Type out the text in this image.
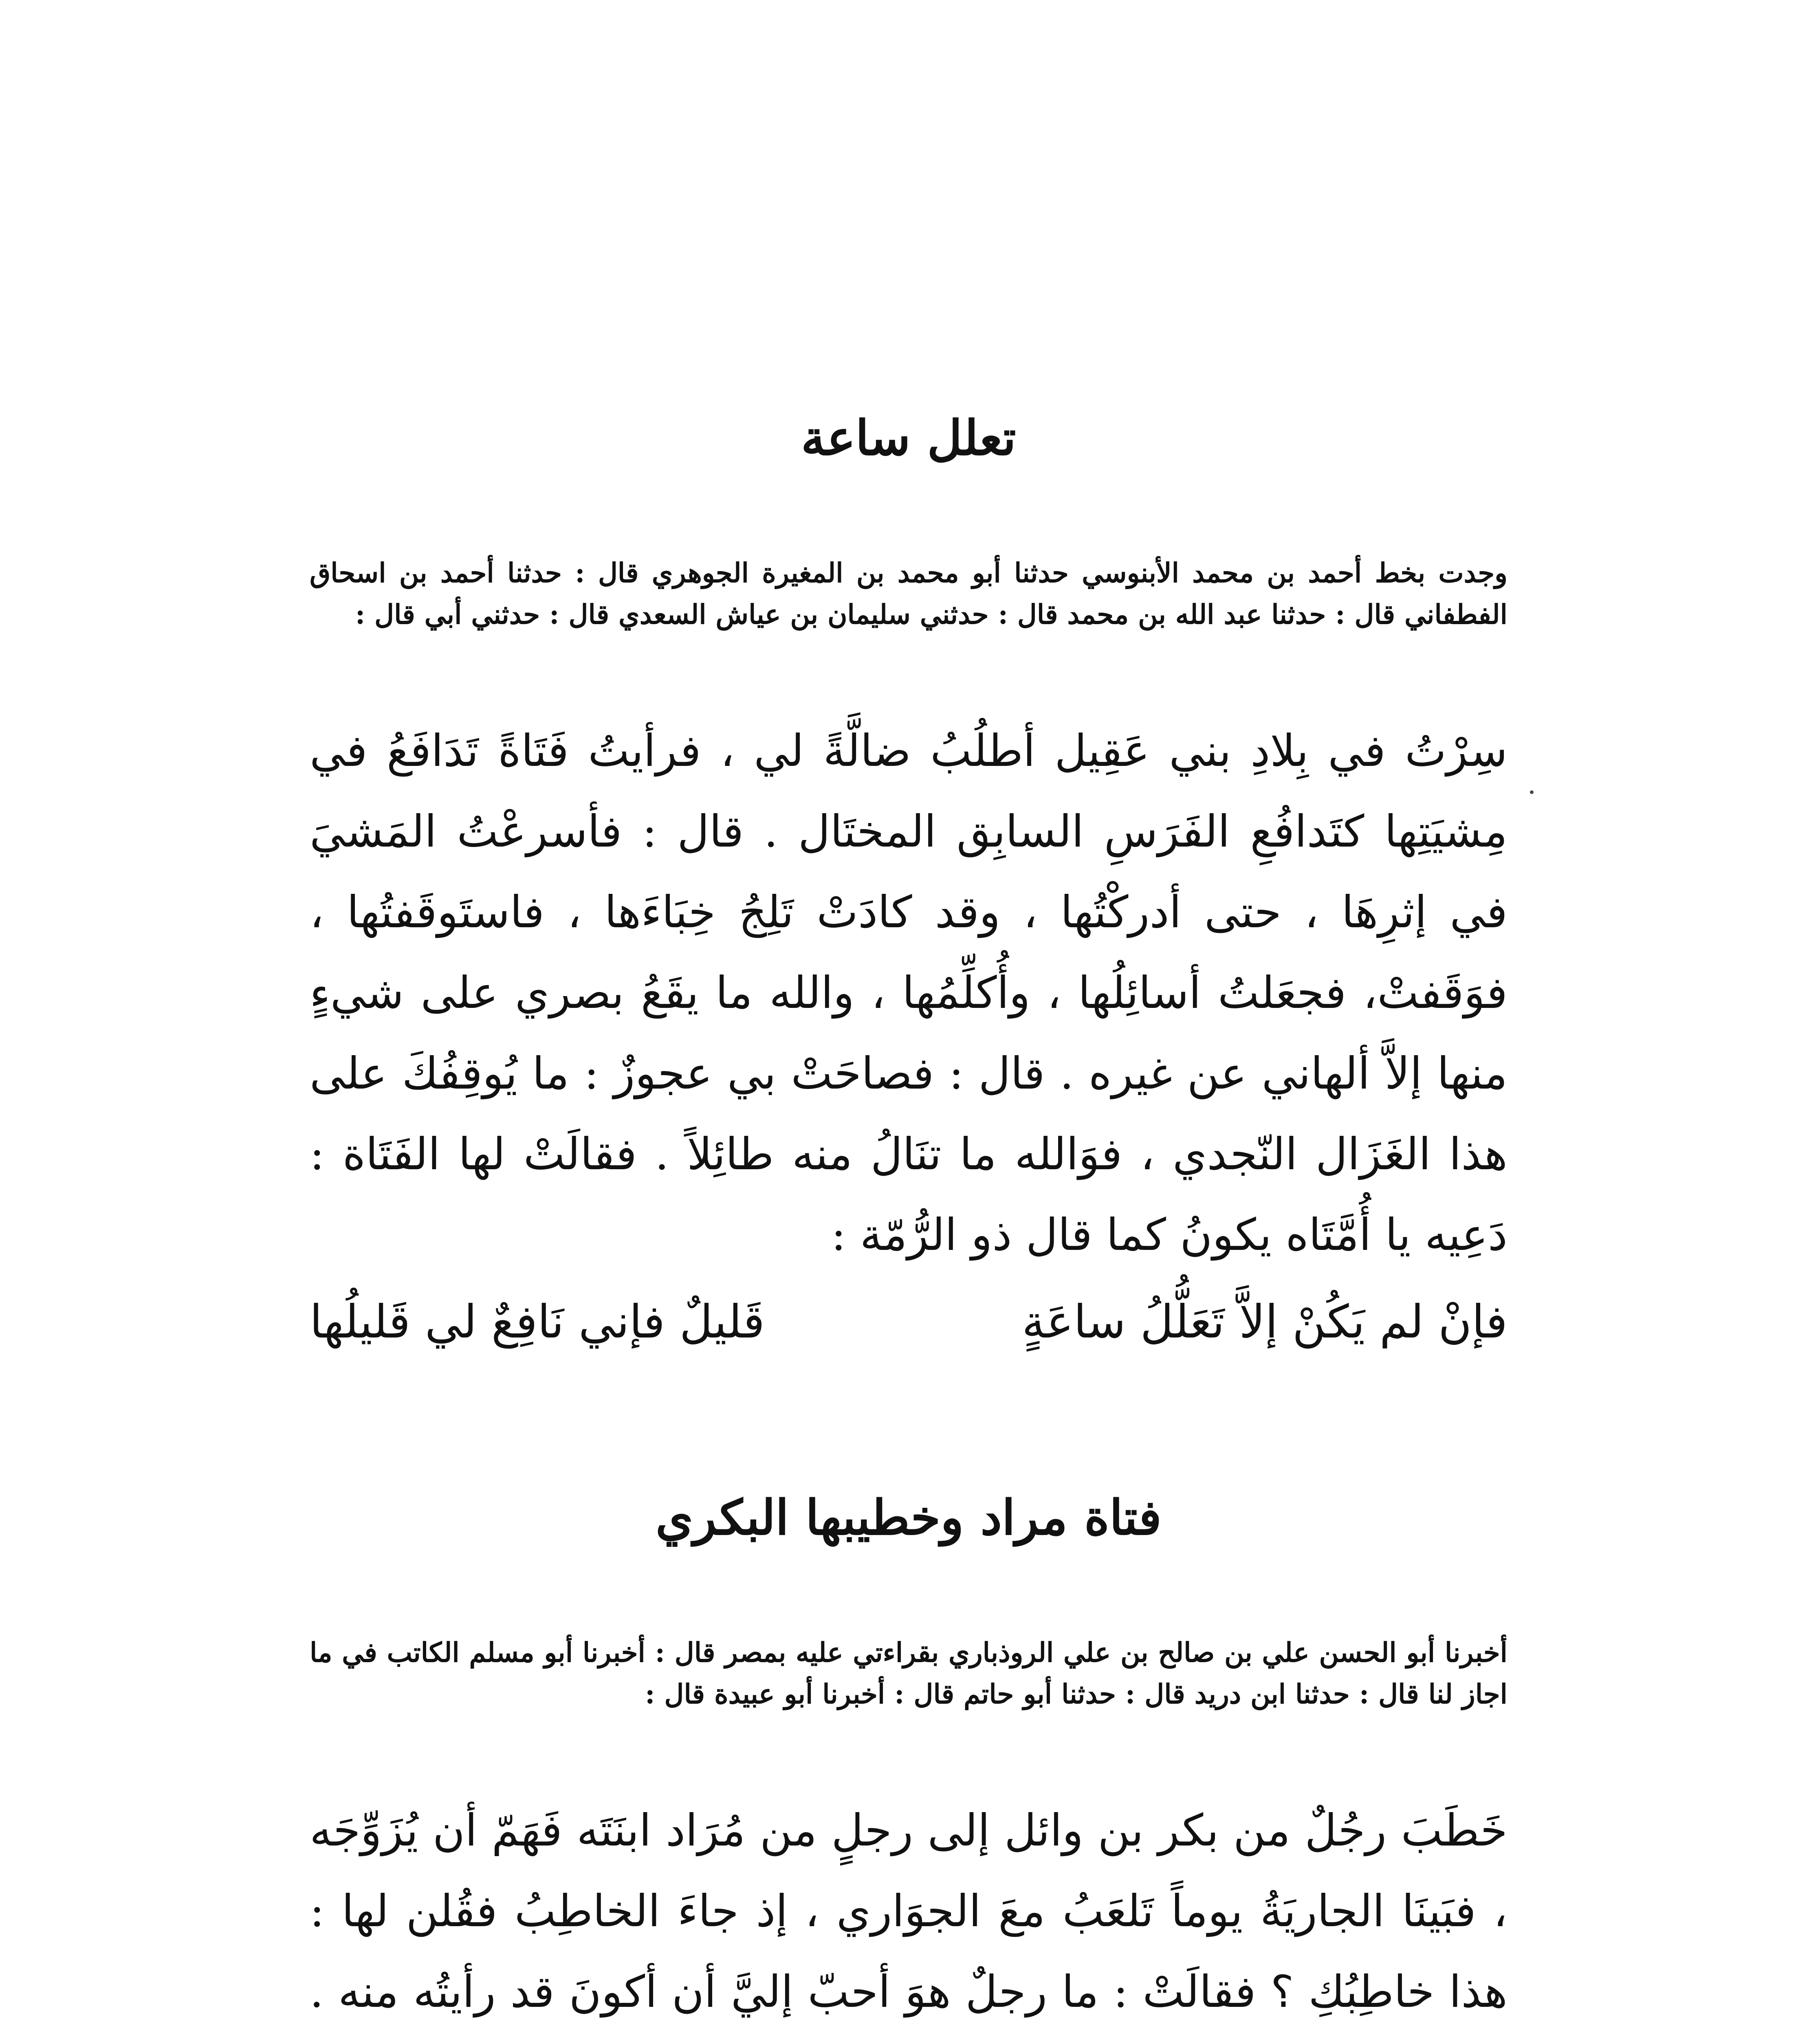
تعلل ساعة
وجدت بخط أحمد بن محمد الأبنوسي حدثنا أبو محمد بن المغيرة الجوهري قال : حدثنا أحمد بن اسحاق الفطفاني قال : حدثنا عبد الله بن محمد قال : حدثني سليمان بن عياش السعدي قال : حدثني أبي قال :
سِرْتُ في بِلادِ بني عَقِيل أطلُبُ ضالَّةً لي ، فرأيتُ فَتَاةً تَدَافَعُ في مِشيَتِها كتَدافُعِ الفَرَسِ السابِق المختَال . قال : فأسرعْتُ المَشيَ في إثرِهَا ، حتى أدركْتُها ، وقد كادَتْ تَلِجُ خِبَاءَها ، فاستَوقَفتُها ، فوَقَفتْ، فجعَلتُ أسائِلُها ، وأُكلِّمُها ، والله ما يقَعُ بصري على شيءٍ منها إلاَّ ألهاني عن غيره . قال : فصاحَتْ بي عجوزٌ : ما يُوقِفُكَ على هذا الغَزَال النّجدي ، فوَالله ما تنَالُ منه طائِلاً . فقالَتْ لها الفَتَاة : دَعِيه يا أُمَّتَاه يكونُ كما قال ذو الرُّمّة :
فإنْ لم يَكُنْ إلاَّ تَعَلُّلُ ساعَةٍ
قَليلٌ فإني نَافِعٌ لي قَليلُها
فتاة مراد وخطيبها البكري
أخبرنا أبو الحسن علي بن صالح بن علي الروذباري بقراءتي عليه بمصر قال : أخبرنا أبو مسلم الكاتب في ما اجاز لنا قال : حدثنا ابن دريد قال : حدثنا أبو حاتم قال : أخبرنا أبو عبيدة قال :
خَطَبَ رجُلٌ من بكر بن وائل إلى رجلٍ من مُرَاد ابنَتَه فَهَمّ أن يُزَوِّجَه ، فبَينَا الجاريَةُ يوماً تَلعَبُ معَ الجوَاري ، إذ جاءَ الخاطِبُ فقُلن لها : هذا خاطِبُكِ ؟ فقالَتْ : ما رجلٌ هوَ أحبّ إليَّ أن أكونَ قد رأيتُه منه .
